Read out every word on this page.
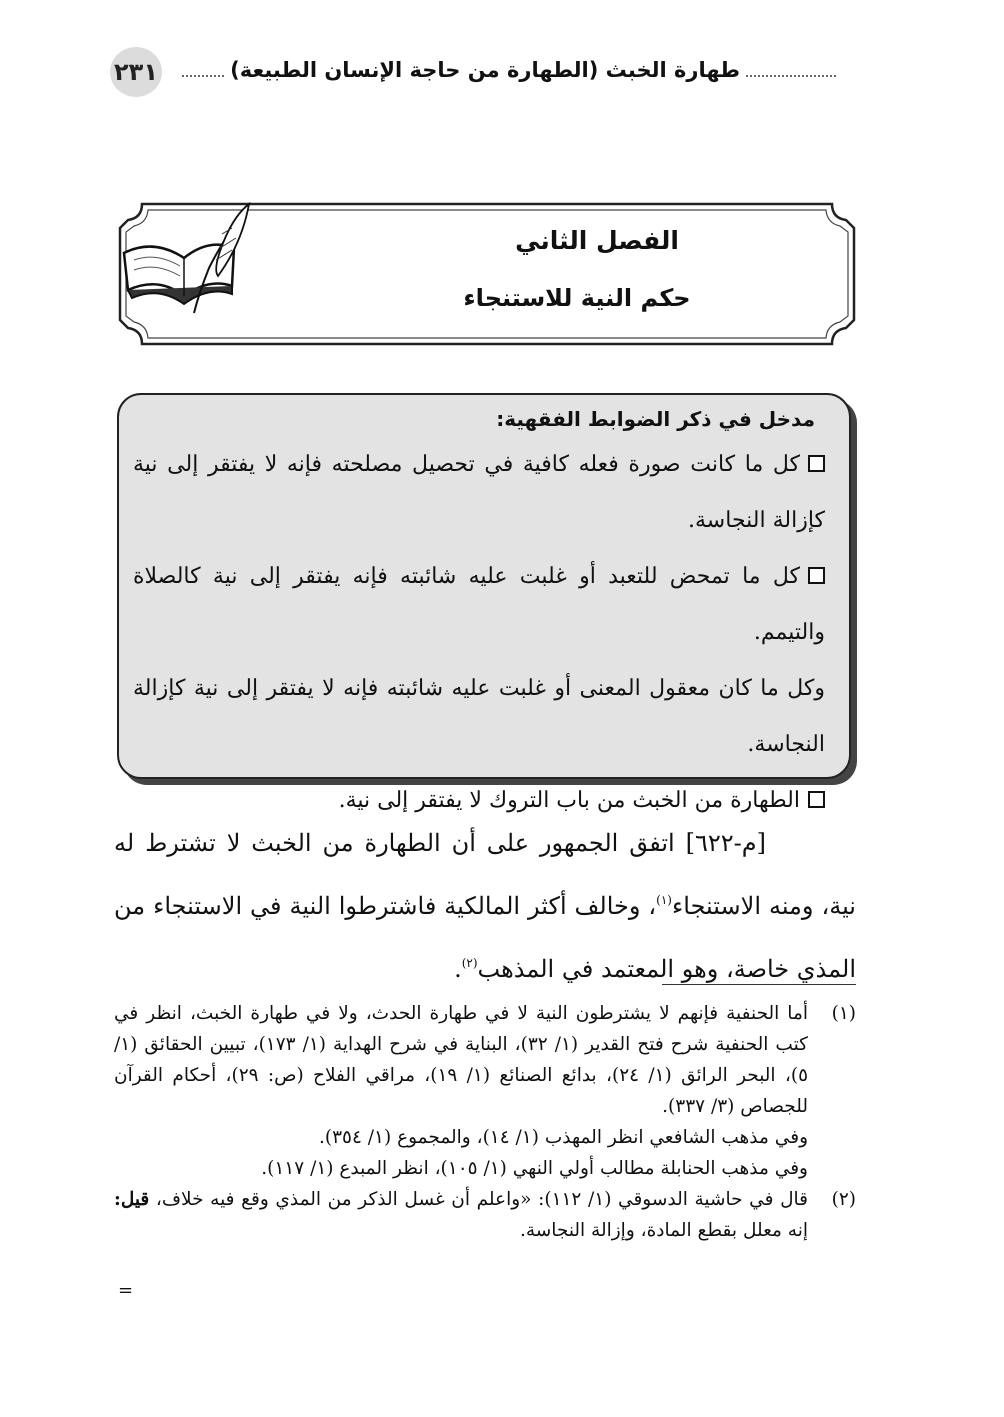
٢٣١	طهارة الخبث (الطهارة من حاجة الإنسان الطبيعة)
الفصل الثاني
حكم النية للاستنجاء
مدخل في ذكر الضوابط الفقهية:
كل ما كانت صورة فعله كافية في تحصيل مصلحته فإنه لا يفتقر إلى نية كإزالة النجاسة.
كل ما تمحض للتعبد أو غلبت عليه شائبته فإنه يفتقر إلى نية كالصلاة والتيمم.
وكل ما كان معقول المعنى أو غلبت عليه شائبته فإنه لا يفتقر إلى نية كإزالة النجاسة.
الطهارة من الخبث من باب التروك لا يفتقر إلى نية.
[م-٦٢٢] اتفق الجمهور على أن الطهارة من الخبث لا تشترط له نية، ومنه الاستنجاء$^{(١)}$، وخالف أكثر المالكية فاشترطوا النية في الاستنجاء من المذي خاصة، وهو المعتمد في المذهب$^{(٢)}$.
(١)
أما الحنفية فإنهم لا يشترطون النية لا في طهارة الحدث، ولا في طهارة الخبث، انظر في كتب الحنفية شرح فتح القدير (١/ ٣٢)، البناية في شرح الهداية (١/ ١٧٣)، تبيين الحقائق (١/ ٥)، البحر الرائق (١/ ٢٤)، بدائع الصنائع (١/ ١٩)، مراقي الفلاح (ص: ٢٩)، أحكام القرآن للجصاص (٣/ ٣٣٧).
وفي مذهب الشافعي انظر المهذب (١/ ١٤)، والمجموع (١/ ٣٥٤).
وفي مذهب الحنابلة مطالب أولي النهي (١/ ١٠٥)، انظر المبدع (١/ ١١٧).
(٢)
قال في حاشية الدسوقي (١/ ١١٢): «واعلم أن غسل الذكر من المذي وقع فيه خلاف، قيل: إنه معلل بقطع المادة، وإزالة النجاسة.
=
